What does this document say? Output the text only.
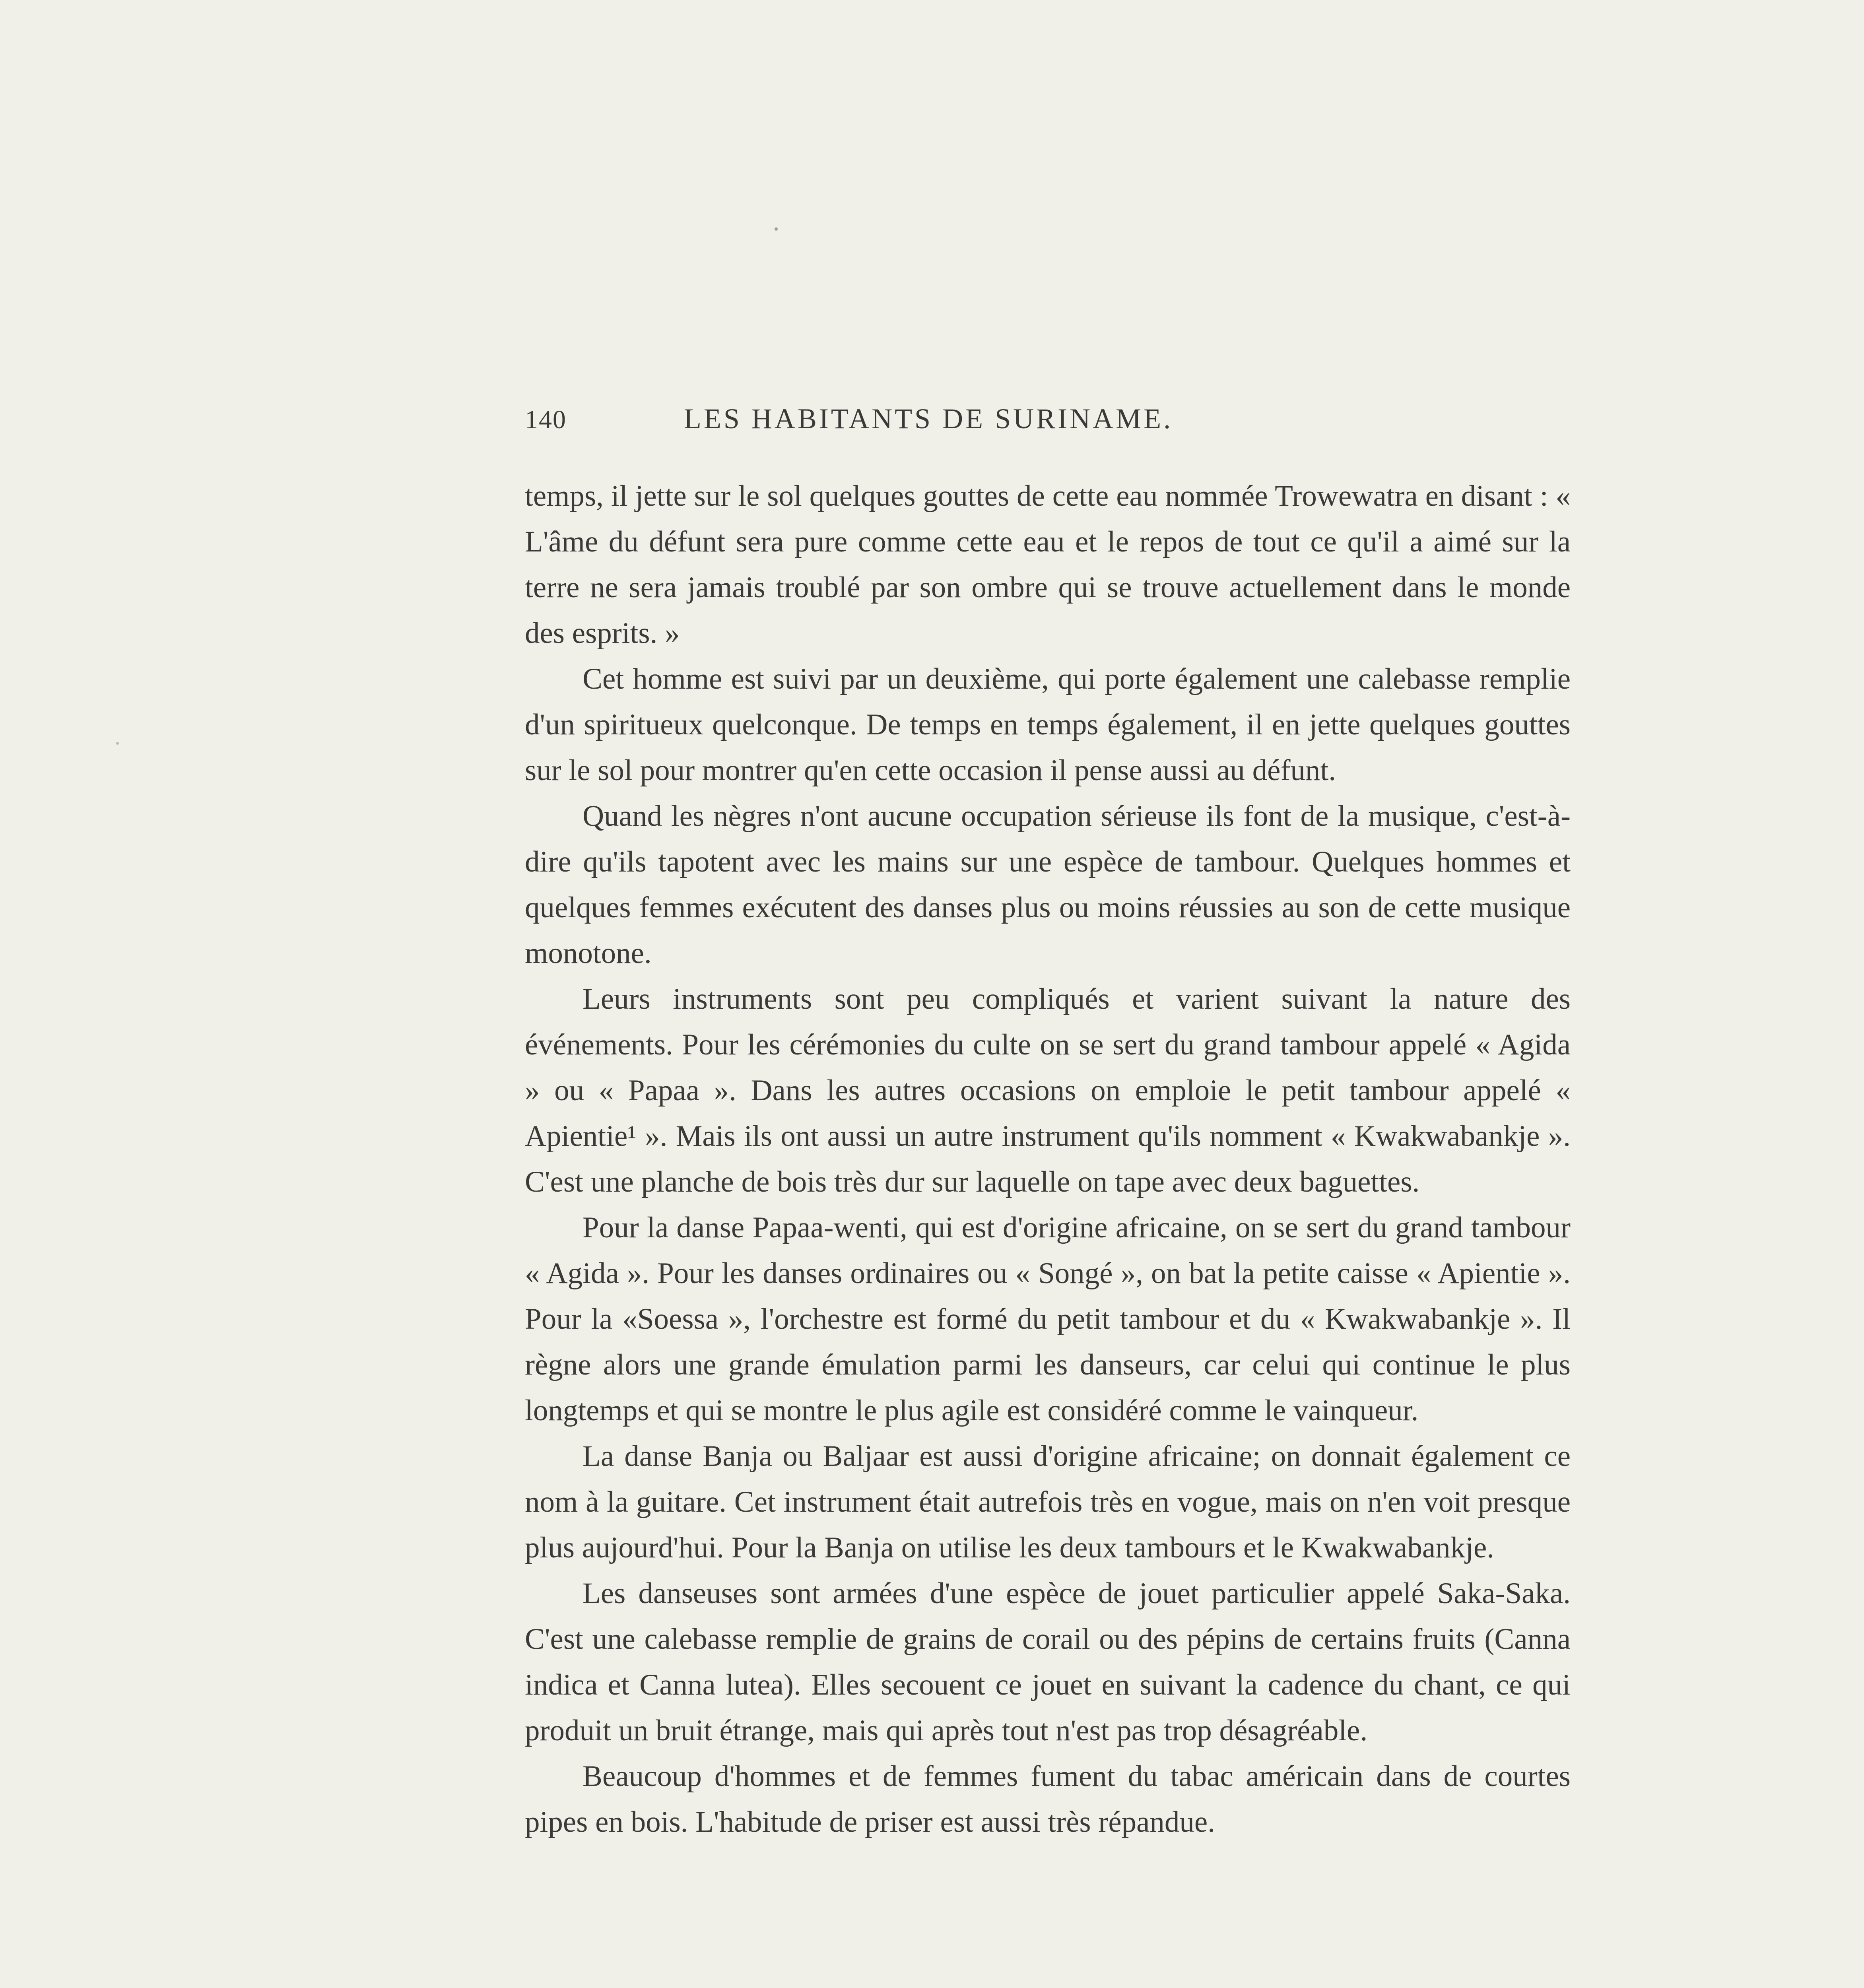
140	LES HABITANTS DE SURINAME.

temps, il jette sur le sol quelques gouttes de cette eau nommée Trowewatra en disant : « L'âme du défunt sera pure comme cette eau et le repos de tout ce qu'il a aimé sur la terre ne sera jamais troublé par son ombre qui se trouve actuellement dans le monde des esprits. »

Cet homme est suivi par un deuxième, qui porte également une calebasse remplie d'un spiritueux quelconque. De temps en temps également, il en jette quelques gouttes sur le sol pour montrer qu'en cette occasion il pense aussi au défunt.

Quand les nègres n'ont aucune occupation sérieuse ils font de la musique, c'est-à-dire qu'ils tapotent avec les mains sur une espèce de tambour. Quelques hommes et quelques femmes exécutent des danses plus ou moins réussies au son de cette musique monotone.

Leurs instruments sont peu compliqués et varient suivant la nature des événements. Pour les cérémonies du culte on se sert du grand tambour appelé « Agida » ou « Papaa ». Dans les autres occasions on emploie le petit tambour appelé « Apientie¹ ». Mais ils ont aussi un autre instrument qu'ils nomment « Kwakwabankje ». C'est une planche de bois très dur sur laquelle on tape avec deux baguettes.

Pour la danse Papaa-wenti, qui est d'origine africaine, on se sert du grand tambour « Agida ». Pour les danses ordinaires ou « Songé », on bat la petite caisse « Apientie ». Pour la «Soessa », l'orchestre est formé du petit tambour et du « Kwakwabankje ». Il règne alors une grande émulation parmi les danseurs, car celui qui continue le plus longtemps et qui se montre le plus agile est considéré comme le vainqueur.

La danse Banja ou Baljaar est aussi d'origine africaine; on donnait également ce nom à la guitare. Cet instrument était autrefois très en vogue, mais on n'en voit presque plus aujourd'hui. Pour la Banja on utilise les deux tambours et le Kwakwabankje.

Les danseuses sont armées d'une espèce de jouet particulier appelé Saka-Saka. C'est une calebasse remplie de grains de corail ou des pépins de certains fruits (Canna indica et Canna lutea). Elles secouent ce jouet en suivant la cadence du chant, ce qui produit un bruit étrange, mais qui après tout n'est pas trop désagréable.

Beaucoup d'hommes et de femmes fument du tabac américain dans de courtes pipes en bois. L'habitude de priser est aussi très répandue.
